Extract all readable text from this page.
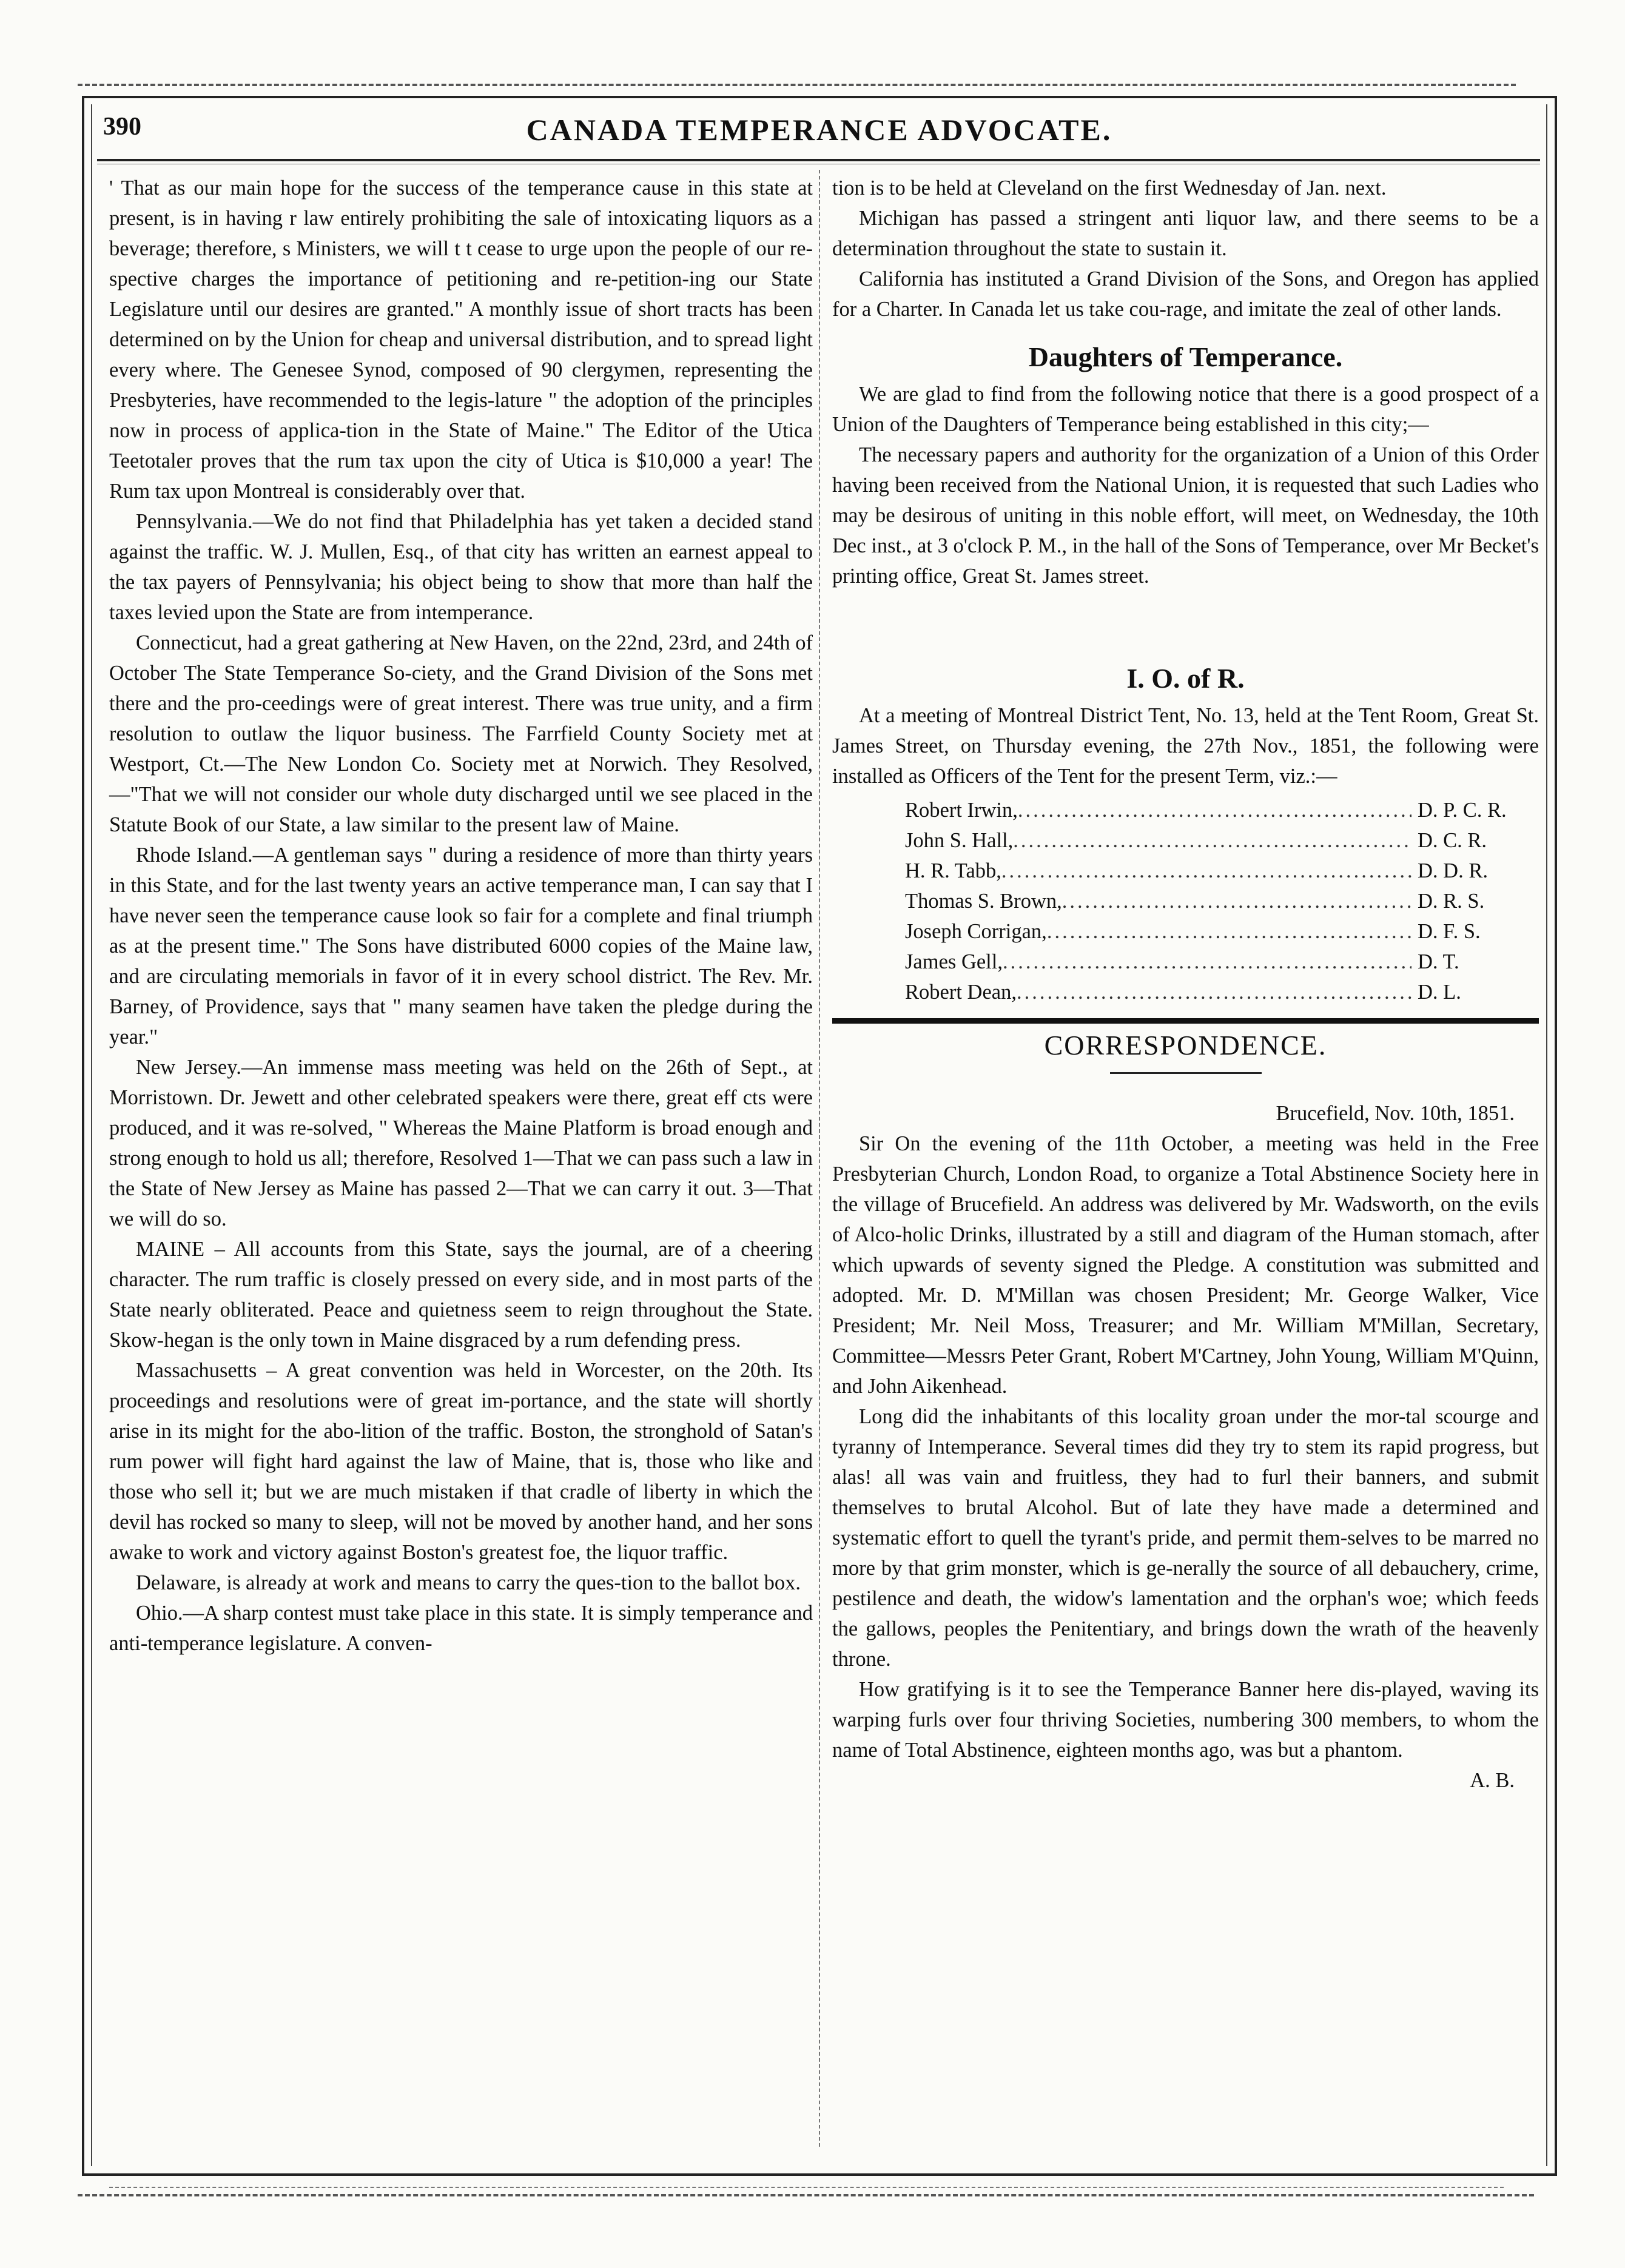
390	CANADA TEMPERANCE ADVOCATE.

' That as our main hope for the success of the temperance cause in this state at present, is in having r law entirely prohibiting the sale of intoxicating liquors as a beverage; therefore, s Ministers, we will t t cease to urge upon the people of our re-spective charges the importance of petitioning and re-petition-ing our State Legislature until our desires are granted." A monthly issue of short tracts has been determined on by the Union for cheap and universal distribution, and to spread light every where. The Genesee Synod, composed of 90 clergymen, representing the Presbyteries, have recommended to the legis-lature " the adoption of the principles now in process of applica-tion in the State of Maine." The Editor of the Utica Teetotaler proves that the rum tax upon the city of Utica is $10,000 a year! The Rum tax upon Montreal is considerably over that.

Pennsylvania.—We do not find that Philadelphia has yet taken a decided stand against the traffic. W. J. Mullen, Esq., of that city has written an earnest appeal to the tax payers of Pennsylvania; his object being to show that more than half the taxes levied upon the State are from intemperance.

Connecticut, had a great gathering at New Haven, on the 22nd, 23rd, and 24th of October The State Temperance So-ciety, and the Grand Division of the Sons met there and the pro-ceedings were of great interest. There was true unity, and a firm resolution to outlaw the liquor business. The Farrfield County Society met at Westport, Ct.—The New London Co. Society met at Norwich. They Resolved,—"That we will not consider our whole duty discharged until we see placed in the Statute Book of our State, a law similar to the present law of Maine.

Rhode Island.—A gentleman says " during a residence of more than thirty years in this State, and for the last twenty years an active temperance man, I can say that I have never seen the temperance cause look so fair for a complete and final triumph as at the present time." The Sons have distributed 6000 copies of the Maine law, and are circulating memorials in favor of it in every school district. The Rev. Mr. Barney, of Providence, says that " many seamen have taken the pledge during the year."

New Jersey.—An immense mass meeting was held on the 26th of Sept., at Morristown. Dr. Jewett and other celebrated speakers were there, great eff cts were produced, and it was re-solved, " Whereas the Maine Platform is broad enough and strong enough to hold us all; therefore, Resolved 1—That we can pass such a law in the State of New Jersey as Maine has passed 2—That we can carry it out. 3—That we will do so.

MAINE – All accounts from this State, says the journal, are of a cheering character. The rum traffic is closely pressed on every side, and in most parts of the State nearly obliterated. Peace and quietness seem to reign throughout the State. Skow-hegan is the only town in Maine disgraced by a rum defending press.

Massachusetts – A great convention was held in Worcester, on the 20th. Its proceedings and resolutions were of great im-portance, and the state will shortly arise in its might for the abo-lition of the traffic. Boston, the stronghold of Satan's rum power will fight hard against the law of Maine, that is, those who like and those who sell it; but we are much mistaken if that cradle of liberty in which the devil has rocked so many to sleep, will not be moved by another hand, and her sons awake to work and victory against Boston's greatest foe, the liquor traffic.

Delaware, is already at work and means to carry the ques-tion to the ballot box.

Ohio.—A sharp contest must take place in this state. It is simply temperance and anti-temperance legislature. A conven-

tion is to be held at Cleveland on the first Wednesday of Jan. next.

Michigan has passed a stringent anti liquor law, and there seems to be a determination throughout the state to sustain it.

California has instituted a Grand Division of the Sons, and Oregon has applied for a Charter. In Canada let us take cou-rage, and imitate the zeal of other lands.

Daughters of Temperance.

We are glad to find from the following notice that there is a good prospect of a Union of the Daughters of Temperance being established in this city;—

The necessary papers and authority for the organization of a Union of this Order having been received from the National Union, it is requested that such Ladies who may be desirous of uniting in this noble effort, will meet, on Wednesday, the 10th Dec inst., at 3 o'clock P. M., in the hall of the Sons of Temperance, over Mr Becket's printing office, Great St. James street.

I. O. of R.

At a meeting of Montreal District Tent, No. 13, held at the Tent Room, Great St. James Street, on Thursday evening, the 27th Nov., 1851, the following were installed as Officers of the Tent for the present Term, viz.:—

Robert Irwin, .....	D. P. C. R.
John S. Hall, .....	D. C. R.
H. R. Tabb, .....	D. D. R.
Thomas S. Brown, .....	D. R. S.
Joseph Corrigan, .....	D. F. S.
James Gell, .....	D. T.
Robert Dean, .....	D. L.
CORRESPONDENCE.

Brucefield, Nov. 10th, 1851.

Sir On the evening of the 11th October, a meeting was held in the Free Presbyterian Church, London Road, to organize a Total Abstinence Society here in the village of Brucefield. An address was delivered by Mr. Wadsworth, on the evils of Alco-holic Drinks, illustrated by a still and diagram of the Human stomach, after which upwards of seventy signed the Pledge. A constitution was submitted and adopted. Mr. D. M'Millan was chosen President; Mr. George Walker, Vice President; Mr. Neil Moss, Treasurer; and Mr. William M'Millan, Secretary, Committee—Messrs Peter Grant, Robert M'Cartney, John Young, William M'Quinn, and John Aikenhead.

Long did the inhabitants of this locality groan under the mor-tal scourge and tyranny of Intemperance. Several times did they try to stem its rapid progress, but alas! all was vain and fruitless, they had to furl their banners, and submit themselves to brutal Alcohol. But of late they have made a determined and systematic effort to quell the tyrant's pride, and permit them-selves to be marred no more by that grim monster, which is ge-nerally the source of all debauchery, crime, pestilence and death, the widow's lamentation and the orphan's woe; which feeds the gallows, peoples the Penitentiary, and brings down the wrath of the heavenly throne.

How gratifying is it to see the Temperance Banner here dis-played, waving its warping furls over four thriving Societies, numbering 300 members, to whom the name of Total Abstinence, eighteen months ago, was but a phantom.

A. B.
